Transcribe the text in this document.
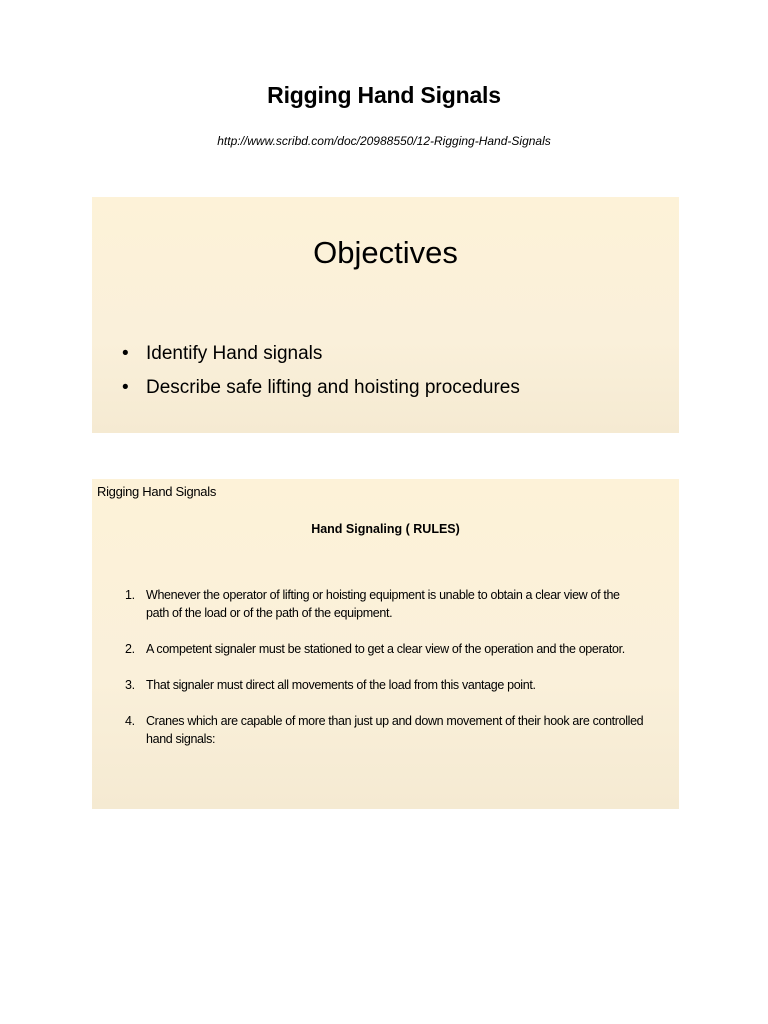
Rigging Hand Signals
http://www.scribd.com/doc/20988550/12-Rigging-Hand-Signals
Objectives
• Identify Hand signals
• Describe safe lifting and hoisting procedures
Rigging Hand Signals
Hand Signaling ( RULES)
1. Whenever the operator of lifting or hoisting equipment is unable to obtain a clear view of the path of the load or of the path of the equipment.
2. A competent signaler must be stationed to get a clear view of the operation and the operator.
3. That signaler must direct all movements of the load from this vantage point.
4. Cranes which are capable of more than just up and down movement of their hook are controlled hand signals:
